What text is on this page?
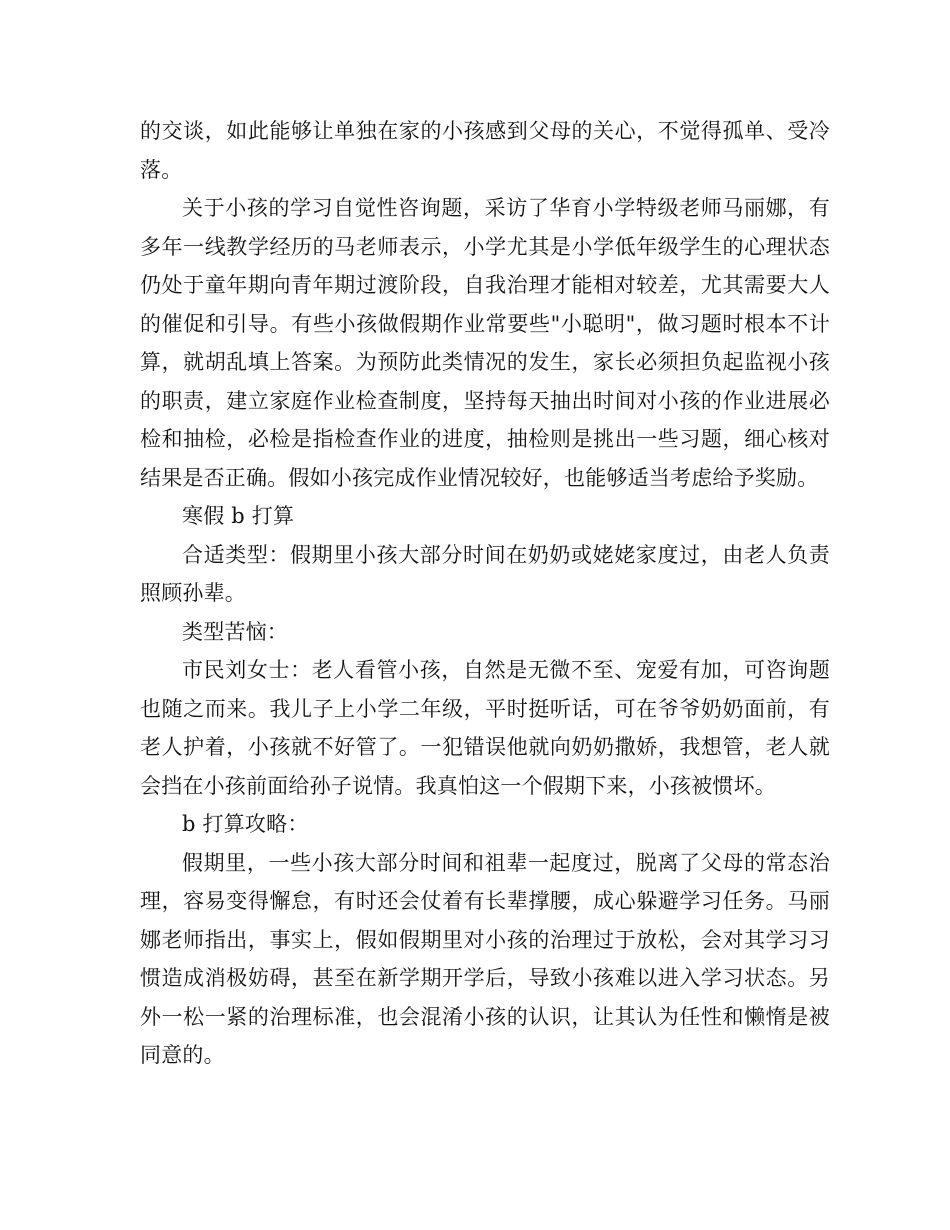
的交谈，如此能够让单独在家的小孩感到父母的关心，不觉得孤单、受冷落。

关于小孩的学习自觉性咨询题，采访了华育小学特级老师马丽娜，有多年一线教学经历的马老师表示，小学尤其是小学低年级学生的心理状态仍处于童年期向青年期过渡阶段，自我治理才能相对较差，尤其需要大人的催促和引导。有些小孩做假期作业常要些"小聪明"，做习题时根本不计算，就胡乱填上答案。为预防此类情况的发生，家长必须担负起监视小孩的职责，建立家庭作业检查制度，坚持每天抽出时间对小孩的作业进展必检和抽检，必检是指检查作业的进度，抽检则是挑出一些习题，细心核对结果是否正确。假如小孩完成作业情况较好，也能够适当考虑给予奖励。

寒假 b 打算

合适类型：假期里小孩大部分时间在奶奶或姥姥家度过，由老人负责照顾孙辈。

类型苦恼：

市民刘女士：老人看管小孩，自然是无微不至、宠爱有加，可咨询题也随之而来。我儿子上小学二年级，平时挺听话，可在爷爷奶奶面前，有老人护着，小孩就不好管了。一犯错误他就向奶奶撒娇，我想管，老人就会挡在小孩前面给孙子说情。我真怕这一个假期下来，小孩被惯坏。

b 打算攻略：

假期里，一些小孩大部分时间和祖辈一起度过，脱离了父母的常态治理，容易变得懈怠，有时还会仗着有长辈撑腰，成心躲避学习任务。马丽娜老师指出，事实上，假如假期里对小孩的治理过于放松，会对其学习习惯造成消极妨碍，甚至在新学期开学后，导致小孩难以进入学习状态。另外一松一紧的治理标准，也会混淆小孩的认识，让其认为任性和懒惰是被同意的。
